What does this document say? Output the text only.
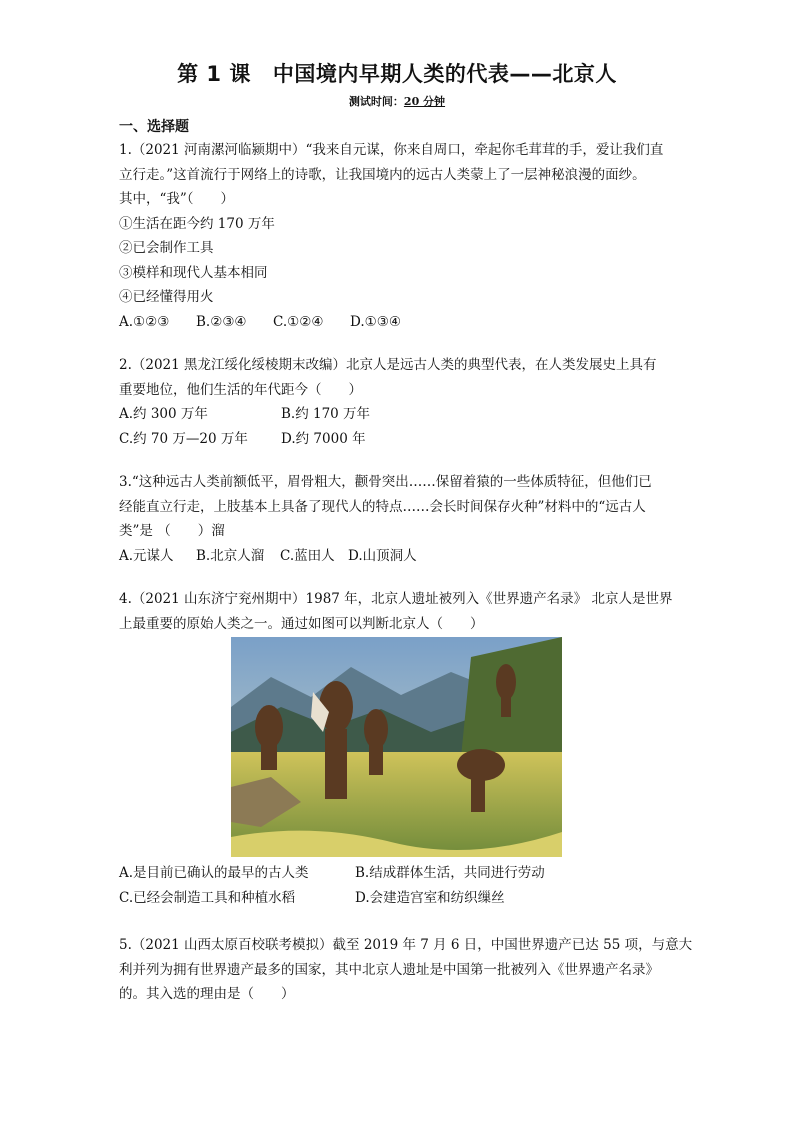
第 1 课 中国境内早期人类的代表——北京人
测试时间：20 分钟
一、选择题

1.（2021 河南漯河临颍期中）“我来自元谋，你来自周口，牵起你毛茸茸的手，爱让我们直

立行走。”这首流行于网络上的诗歌，让我国境内的远古人类蒙上了一层神秘浪漫的面纱。

其中，“我”（　　）

①生活在距今约 170 万年

②已会制作工具

③模样和现代人基本相同

④已经懂得用火

A.①②③	B.②③④	C.①②④	D.①③④

2.（2021 黑龙江绥化绥棱期末改编）北京人是远古人类的典型代表，在人类发展史上具有

重要地位，他们生活的年代距今（　　）

A.约 300 万年	B.约 170 万年
C.约 70 万—20 万年	D.约 7000 年

3.“这种远古人类前额低平，眉骨粗大，颧骨突出……保留着猿的一些体质特征，但他们已

经能直立行走，上肢基本上具备了现代人的特点……会长时间保存火种”材料中的“远古人

类”是 （　　）溜

A.元谋人	B.北京人溜	C.蓝田人 D.山顶洞人

4.（2021 山东济宁兖州期中）1987 年，北京人遗址被列入《世界遗产名录》 北京人是世界

上最重要的原始人类之一。通过如图可以判断北京人（　　）

A.是目前已确认的最早的古人类	B.结成群体生活，共同进行劳动
C.已经会制造工具和种植水稻	D.会建造宫室和纺织缫丝

5.（2021 山西太原百校联考模拟）截至 2019 年 7 月 6 日，中国世界遗产已达 55 项，与意大

利并列为拥有世界遗产最多的国家，其中北京人遗址是中国第一批被列入《世界遗产名录》

的。其入选的理由是（　　）
